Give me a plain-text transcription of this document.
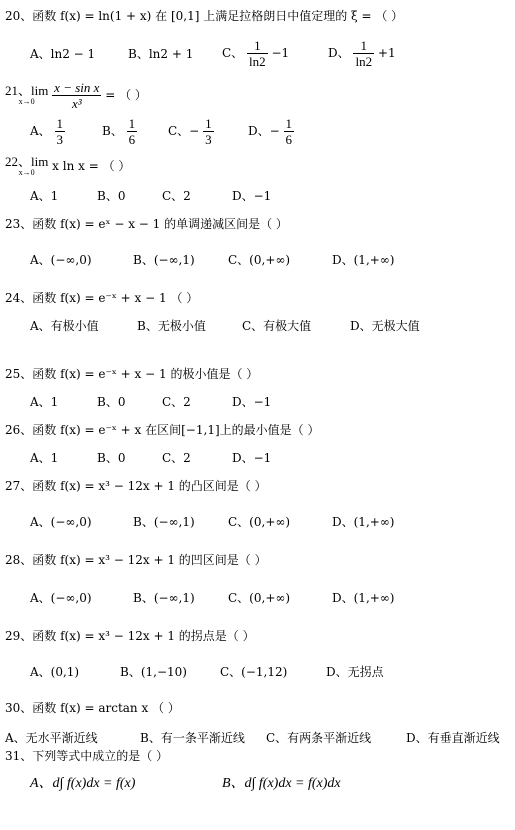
20、函数 f(x) = ln(1 + x) 在 [0,1] 上满足拉格朗日中值定理的 ξ = （ ）
A、ln2 − 1	B、ln2 + 1 C、 $\frac{1}{\ln 2} -1$	D、 $\frac{1}{\ln 2} +1$
21、lim
x→0
	$\frac{\text{x − sin x}}{\text{x³}}$ = （ ）
A、 $\frac{1}{3}$	B、 $\frac{1}{6}$	C、− $\frac{1}{3}$	D、− $\frac{1}{6}$
22、lim
x→0	x ln x = （ ）
A、1	B、0	C、2	D、−1
23、函数 f(x) = eˣ − x − 1 的单调递减区间是（ ）
A、(−∞,0)	B、(−∞,1)	C、(0,+∞)	D、(1,+∞)
24、函数 f(x) = e⁻ˣ + x − 1 （ ）
A、有极小值	B、无极小值	C、有极大值	D、无极大值
25、函数 f(x) = e⁻ˣ + x − 1 的极小值是（ ）
A、1	B、0	C、2	D、−1
26、函数 f(x) = e⁻ˣ + x 在区间[−1,1]上的最小值是（ ）
A、1	B、0	C、2	D、−1
27、函数 f(x) = x³ − 12x + 1 的凸区间是（ ）
A、(−∞,0)	B、(−∞,1)	C、(0,+∞)	D、(1,+∞)
28、函数 f(x) = x³ − 12x + 1 的凹区间是（ ）
A、(−∞,0)	B、(−∞,1)	C、(0,+∞)	D、(1,+∞)
29、函数 f(x) = x³ − 12x + 1 的拐点是（ ）
A、(0,1)	B、(1,−10)	C、(−1,12)	D、无拐点
30、函数 f(x) = arctan x （ ）
A、无水平渐近线	B、有一条平渐近线 C、有两条平渐近线	D、有垂直渐近线
31、下列等式中成立的是（ ）
A、d∫ f(x)dx = f(x)	B、d∫ f(x)dx = f(x)dx
